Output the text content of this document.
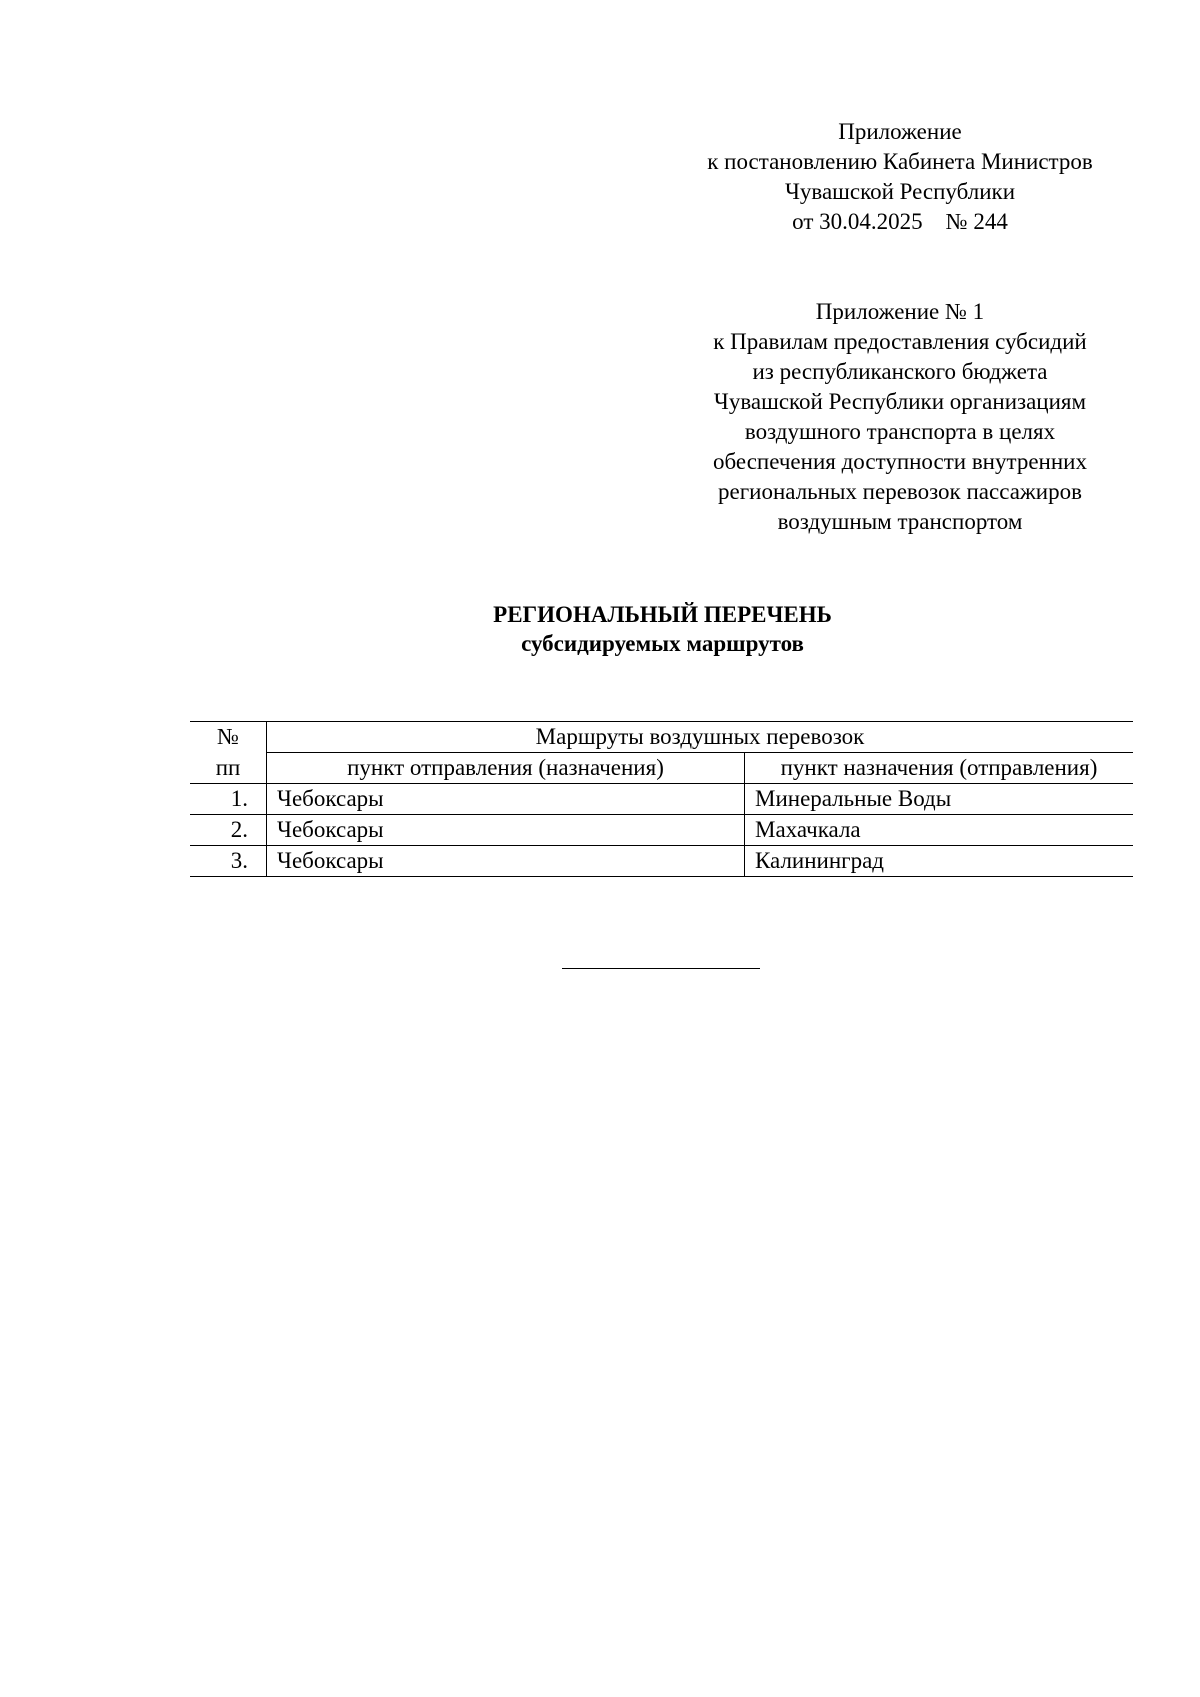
Приложение

к постановлению Кабинета Министров

Чувашской Республики

от 30.04.2025    № 244

Приложение № 1

к Правилам предоставления субсидий

из республиканского бюджета

Чувашской Республики организациям

воздушного транспорта в целях

обеспечения доступности внутренних

региональных перевозок пассажиров

воздушным транспортом

РЕГИОНАЛЬНЫЙ ПЕРЕЧЕНЬ

субсидируемых маршрутов

№	Маршруты воздушных перевозок	
пп	пункт отправления (назначения)	пункт назначения (отправления)
1.	Чебоксары	Минеральные Воды
2.	Чебоксары	Махачкала
3.	Чебоксары	Калининград
